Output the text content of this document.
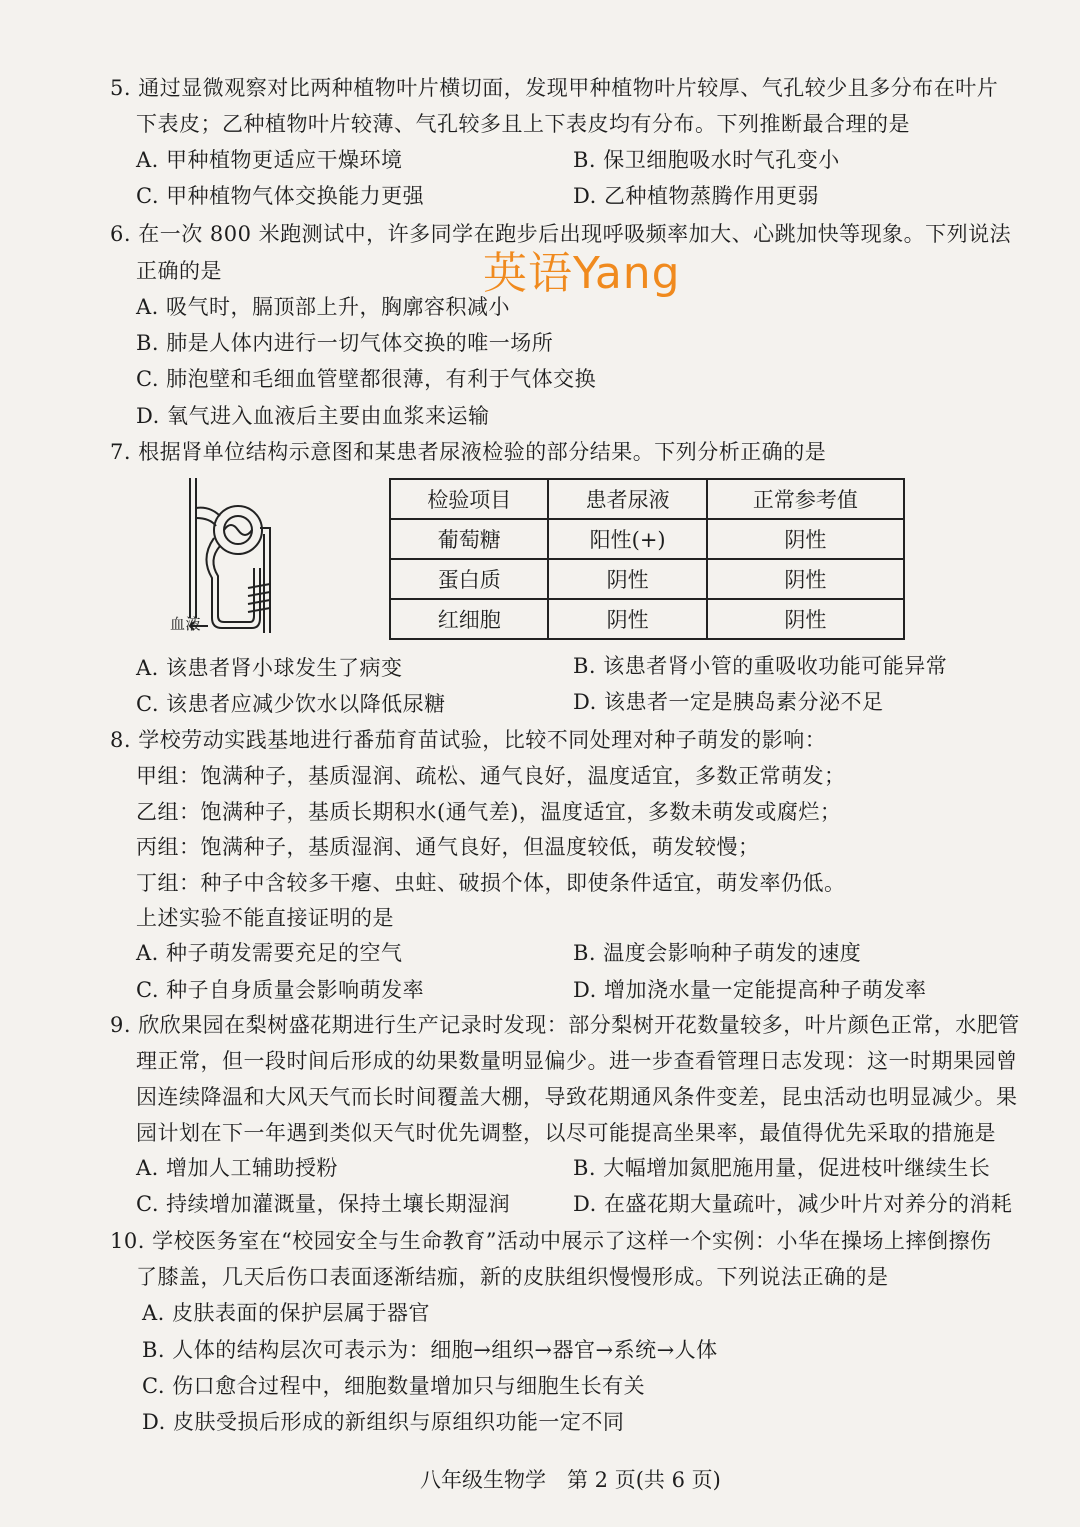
5. 通过显微观察对比两种植物叶片横切面，发现甲种植物叶片较厚、气孔较少且多分布在叶片
下表皮；乙种植物叶片较薄、气孔较多且上下表皮均有分布。下列推断最合理的是
A. 甲种植物更适应干燥环境	B. 保卫细胞吸水时气孔变小
C. 甲种植物气体交换能力更强	D. 乙种植物蒸腾作用更弱
6. 在一次 800 米跑测试中，许多同学在跑步后出现呼吸频率加大、心跳加快等现象。下列说法
正确的是	英语Yang
A. 吸气时，膈顶部上升，胸廓容积减小
B. 肺是人体内进行一切气体交换的唯一场所
C. 肺泡壁和毛细血管壁都很薄，有利于气体交换
D. 氧气进入血液后主要由血浆来运输
7. 根据肾单位结构示意图和某患者尿液检验的部分结果。下列分析正确的是
血液
检验项目	患者尿液	正常参考值
葡萄糖	阳性(+)	阴性
蛋白质	阴性	阴性
红细胞	阴性	阴性
A. 该患者肾小球发生了病变	B. 该患者肾小管的重吸收功能可能异常
C. 该患者应减少饮水以降低尿糖	D. 该患者一定是胰岛素分泌不足
8. 学校劳动实践基地进行番茄育苗试验，比较不同处理对种子萌发的影响：
甲组：饱满种子，基质湿润、疏松、通气良好，温度适宜，多数正常萌发；
乙组：饱满种子，基质长期积水(通气差)，温度适宜，多数未萌发或腐烂；
丙组：饱满种子，基质湿润、通气良好，但温度较低，萌发较慢；
丁组：种子中含较多干瘪、虫蛀、破损个体，即使条件适宜，萌发率仍低。
上述实验不能直接证明的是
A. 种子萌发需要充足的空气	B. 温度会影响种子萌发的速度
C. 种子自身质量会影响萌发率	D. 增加浇水量一定能提高种子萌发率
9. 欣欣果园在梨树盛花期进行生产记录时发现：部分梨树开花数量较多，叶片颜色正常，水肥管
理正常，但一段时间后形成的幼果数量明显偏少。进一步查看管理日志发现：这一时期果园曾
因连续降温和大风天气而长时间覆盖大棚，导致花期通风条件变差，昆虫活动也明显减少。果
园计划在下一年遇到类似天气时优先调整，以尽可能提高坐果率，最值得优先采取的措施是
A. 增加人工辅助授粉	B. 大幅增加氮肥施用量，促进枝叶继续生长
C. 持续增加灌溉量，保持土壤长期湿润	D. 在盛花期大量疏叶，减少叶片对养分的消耗
10. 学校医务室在“校园安全与生命教育”活动中展示了这样一个实例：小华在操场上摔倒擦伤
了膝盖，几天后伤口表面逐渐结痂，新的皮肤组织慢慢形成。下列说法正确的是
A. 皮肤表面的保护层属于器官
B. 人体的结构层次可表示为：细胞→组织→器官→系统→人体
C. 伤口愈合过程中，细胞数量增加只与细胞生长有关
D. 皮肤受损后形成的新组织与原组织功能一定不同
八年级生物学　第 2 页(共 6 页)
